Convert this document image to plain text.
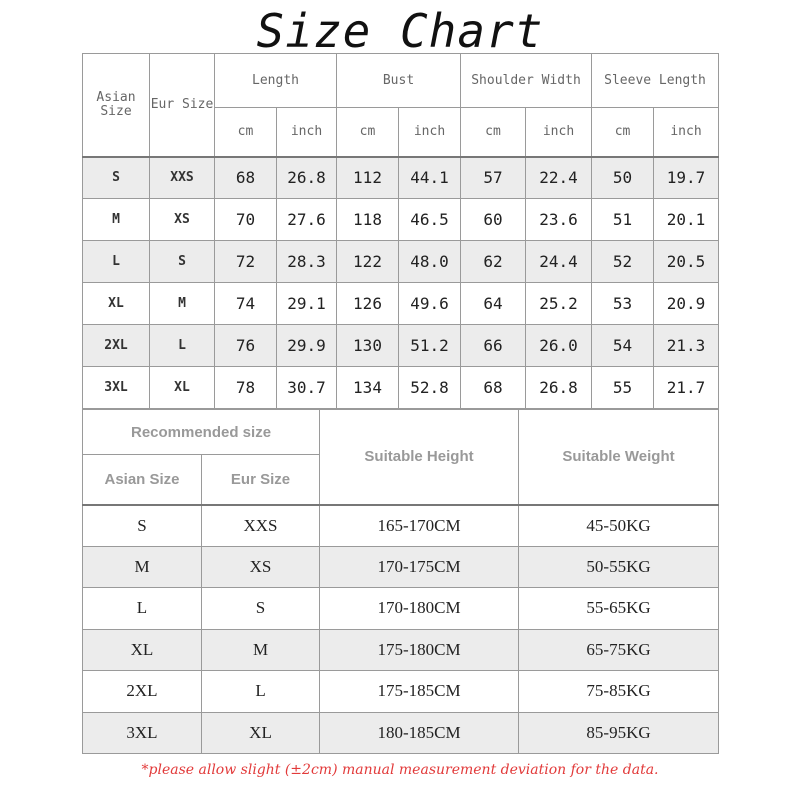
Size Chart
Asian Size	Eur Size	Length		Bust		Shoulder Width		Sleeve Length	
		cm	inch	cm	inch	cm	inch	cm	inch
S	XXS	68	26.8	112	44.1	57	22.4	50	19.7
M	XS	70	27.6	118	46.5	60	23.6	51	20.1
L	S	72	28.3	122	48.0	62	24.4	52	20.5
XL	M	74	29.1	126	49.6	64	25.2	53	20.9
2XL	L	76	29.9	130	51.2	66	26.0	54	21.3
3XL	XL	78	30.7	134	52.8	68	26.8	55	21.7
Recommended size		Suitable Height	Suitable Weight
Asian Size	Eur Size		
S	XXS	165-170CM	45-50KG
M	XS	170-175CM	50-55KG
L	S	170-180CM	55-65KG
XL	M	175-180CM	65-75KG
2XL	L	175-185CM	75-85KG
3XL	XL	180-185CM	85-95KG
*please allow slight (±2cm) manual measurement deviation for the data.
